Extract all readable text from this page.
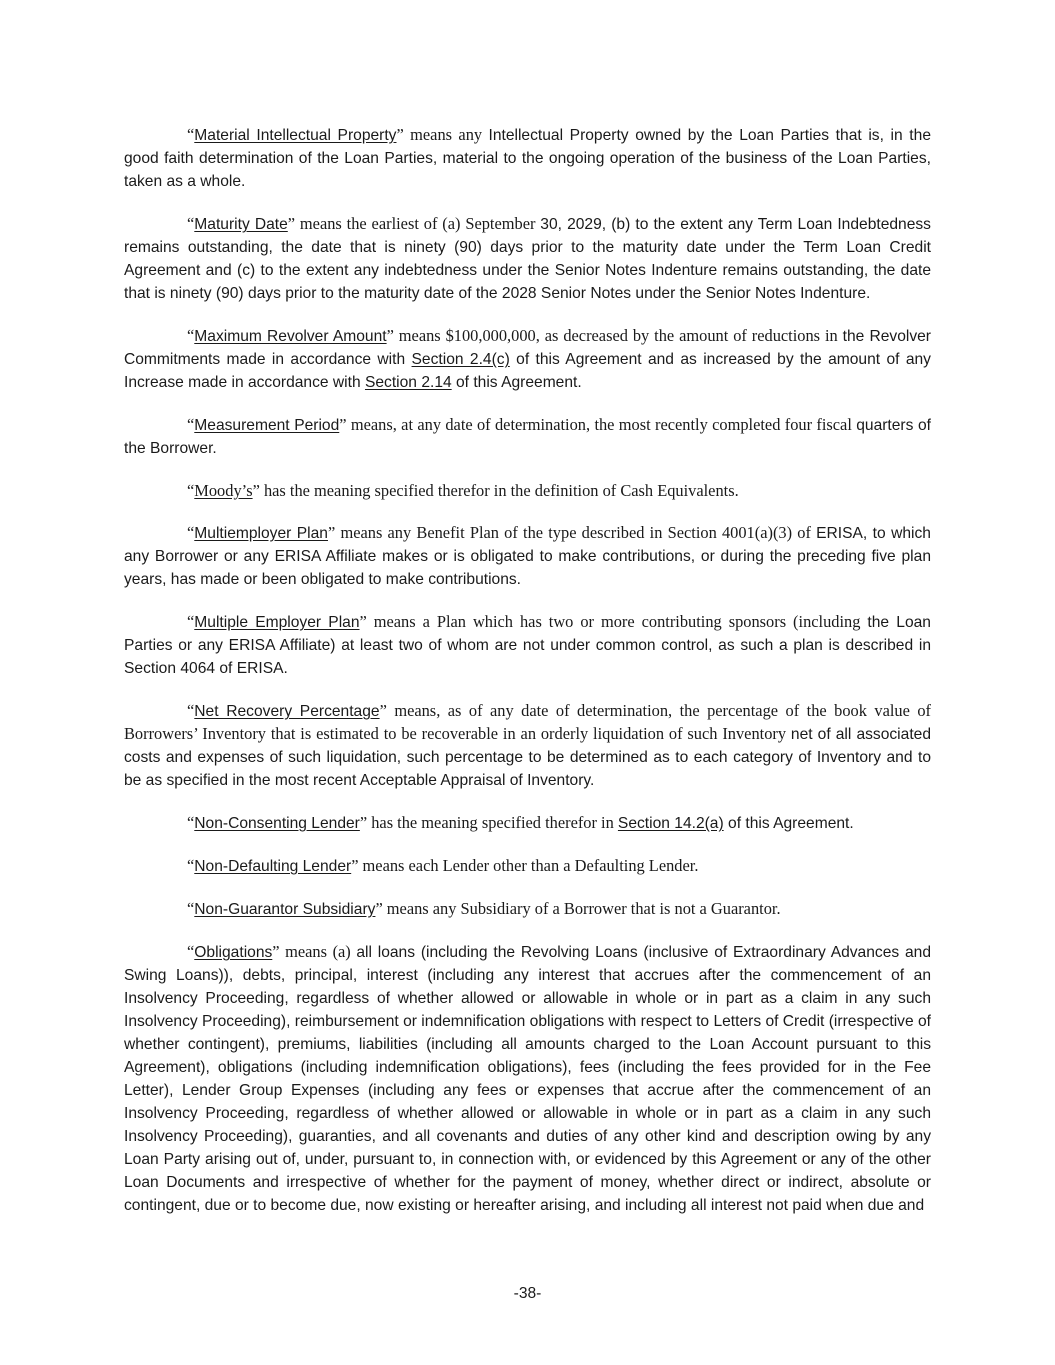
“Material Intellectual Property” means any Intellectual Property owned by the Loan Parties that is, in the good faith determination of the Loan Parties, material to the ongoing operation of the business of the Loan Parties, taken as a whole.

“Maturity Date” means the earliest of (a) September 30, 2029, (b) to the extent any Term Loan Indebtedness remains outstanding, the date that is ninety (90) days prior to the maturity date under the Term Loan Credit Agreement and (c) to the extent any indebtedness under the Senior Notes Indenture remains outstanding, the date that is ninety (90) days prior to the maturity date of the 2028 Senior Notes under the Senior Notes Indenture.

“Maximum Revolver Amount” means $100,000,000, as decreased by the amount of reductions in the Revolver Commitments made in accordance with Section 2.4(c) of this Agreement and as increased by the amount of any Increase made in accordance with Section 2.14 of this Agreement.

“Measurement Period” means, at any date of determination, the most recently completed four fiscal quarters of the Borrower.

“Moody’s” has the meaning specified therefor in the definition of Cash Equivalents.

“Multiemployer Plan” means any Benefit Plan of the type described in Section 4001(a)(3) of ERISA, to which any Borrower or any ERISA Affiliate makes or is obligated to make contributions, or during the preceding five plan years, has made or been obligated to make contributions.

“Multiple Employer Plan” means a Plan which has two or more contributing sponsors (including the Loan Parties or any ERISA Affiliate) at least two of whom are not under common control, as such a plan is described in Section 4064 of ERISA.

“Net Recovery Percentage” means, as of any date of determination, the percentage of the book value of Borrowers’ Inventory that is estimated to be recoverable in an orderly liquidation of such Inventory net of all associated costs and expenses of such liquidation, such percentage to be determined as to each category of Inventory and to be as specified in the most recent Acceptable Appraisal of Inventory.

“Non-Consenting Lender” has the meaning specified therefor in Section 14.2(a) of this Agreement.

“Non-Defaulting Lender” means each Lender other than a Defaulting Lender.

“Non-Guarantor Subsidiary” means any Subsidiary of a Borrower that is not a Guarantor.

“Obligations” means (a) all loans (including the Revolving Loans (inclusive of Extraordinary Advances and Swing Loans)), debts, principal, interest (including any interest that accrues after the commencement of an Insolvency Proceeding, regardless of whether allowed or allowable in whole or in part as a claim in any such Insolvency Proceeding), reimbursement or indemnification obligations with respect to Letters of Credit (irrespective of whether contingent), premiums, liabilities (including all amounts charged to the Loan Account pursuant to this Agreement), obligations (including indemnification obligations), fees (including the fees provided for in the Fee Letter), Lender Group Expenses (including any fees or expenses that accrue after the commencement of an Insolvency Proceeding, regardless of whether allowed or allowable in whole or in part as a claim in any such Insolvency Proceeding), guaranties, and all covenants and duties of any other kind and description owing by any Loan Party arising out of, under, pursuant to, in connection with, or evidenced by this Agreement or any of the other Loan Documents and irrespective of whether for the payment of money, whether direct or indirect, absolute or contingent, due or to become due, now existing or hereafter arising, and including all interest not paid when due and

-38-
